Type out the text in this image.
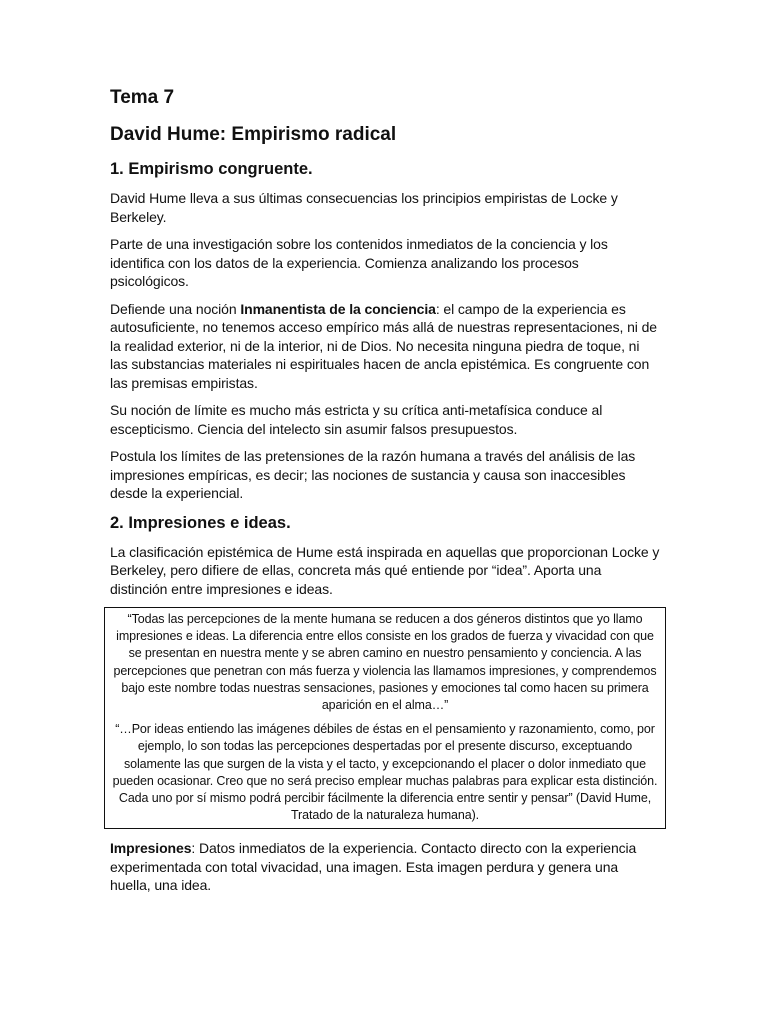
Tema 7
David Hume: Empirismo radical
1. Empirismo congruente.

David Hume lleva a sus últimas consecuencias los principios empiristas de Locke y Berkeley.

Parte de una investigación sobre los contenidos inmediatos de la conciencia y los identifica con los datos de la experiencia. Comienza analizando los procesos psicológicos.

Defiende una noción Inmanentista de la conciencia: el campo de la experiencia es autosuficiente, no tenemos acceso empírico más allá de nuestras representaciones, ni de la realidad exterior, ni de la interior, ni de Dios. No necesita ninguna piedra de toque, ni las substancias materiales ni espirituales hacen de ancla epistémica. Es congruente con las premisas empiristas.

Su noción de límite es mucho más estricta y su crítica anti-metafísica conduce al escepticismo. Ciencia del intelecto sin asumir falsos presupuestos.

Postula los límites de las pretensiones de la razón humana a través del análisis de las impresiones empíricas, es decir; las nociones de sustancia y causa son inaccesibles desde la experiencial.

2. Impresiones e ideas.

La clasificación epistémica de Hume está inspirada en aquellas que proporcionan Locke y Berkeley, pero difiere de ellas, concreta más qué entiende por “idea”. Aporta una distinción entre impresiones e ideas.

“Todas las percepciones de la mente humana se reducen a dos géneros distintos que yo llamo impresiones e ideas. La diferencia entre ellos consiste en los grados de fuerza y vivacidad con que se presentan en nuestra mente y se abren camino en nuestro pensamiento y conciencia. A las percepciones que penetran con más fuerza y violencia las llamamos impresiones, y comprendemos bajo este nombre todas nuestras sensaciones, pasiones y emociones tal como hacen su primera aparición en el alma…”

“…Por ideas entiendo las imágenes débiles de éstas en el pensamiento y razonamiento, como, por ejemplo, lo son todas las percepciones despertadas por el presente discurso, exceptuando solamente las que surgen de la vista y el tacto, y excepcionando el placer o dolor inmediato que pueden ocasionar. Creo que no será preciso emplear muchas palabras para explicar esta distinción. Cada uno por sí mismo podrá percibir fácilmente la diferencia entre sentir y pensar” (David Hume, Tratado de la naturaleza humana).

Impresiones: Datos inmediatos de la experiencia. Contacto directo con la experiencia experimentada con total vivacidad, una imagen. Esta imagen perdura y genera una huella, una idea.
